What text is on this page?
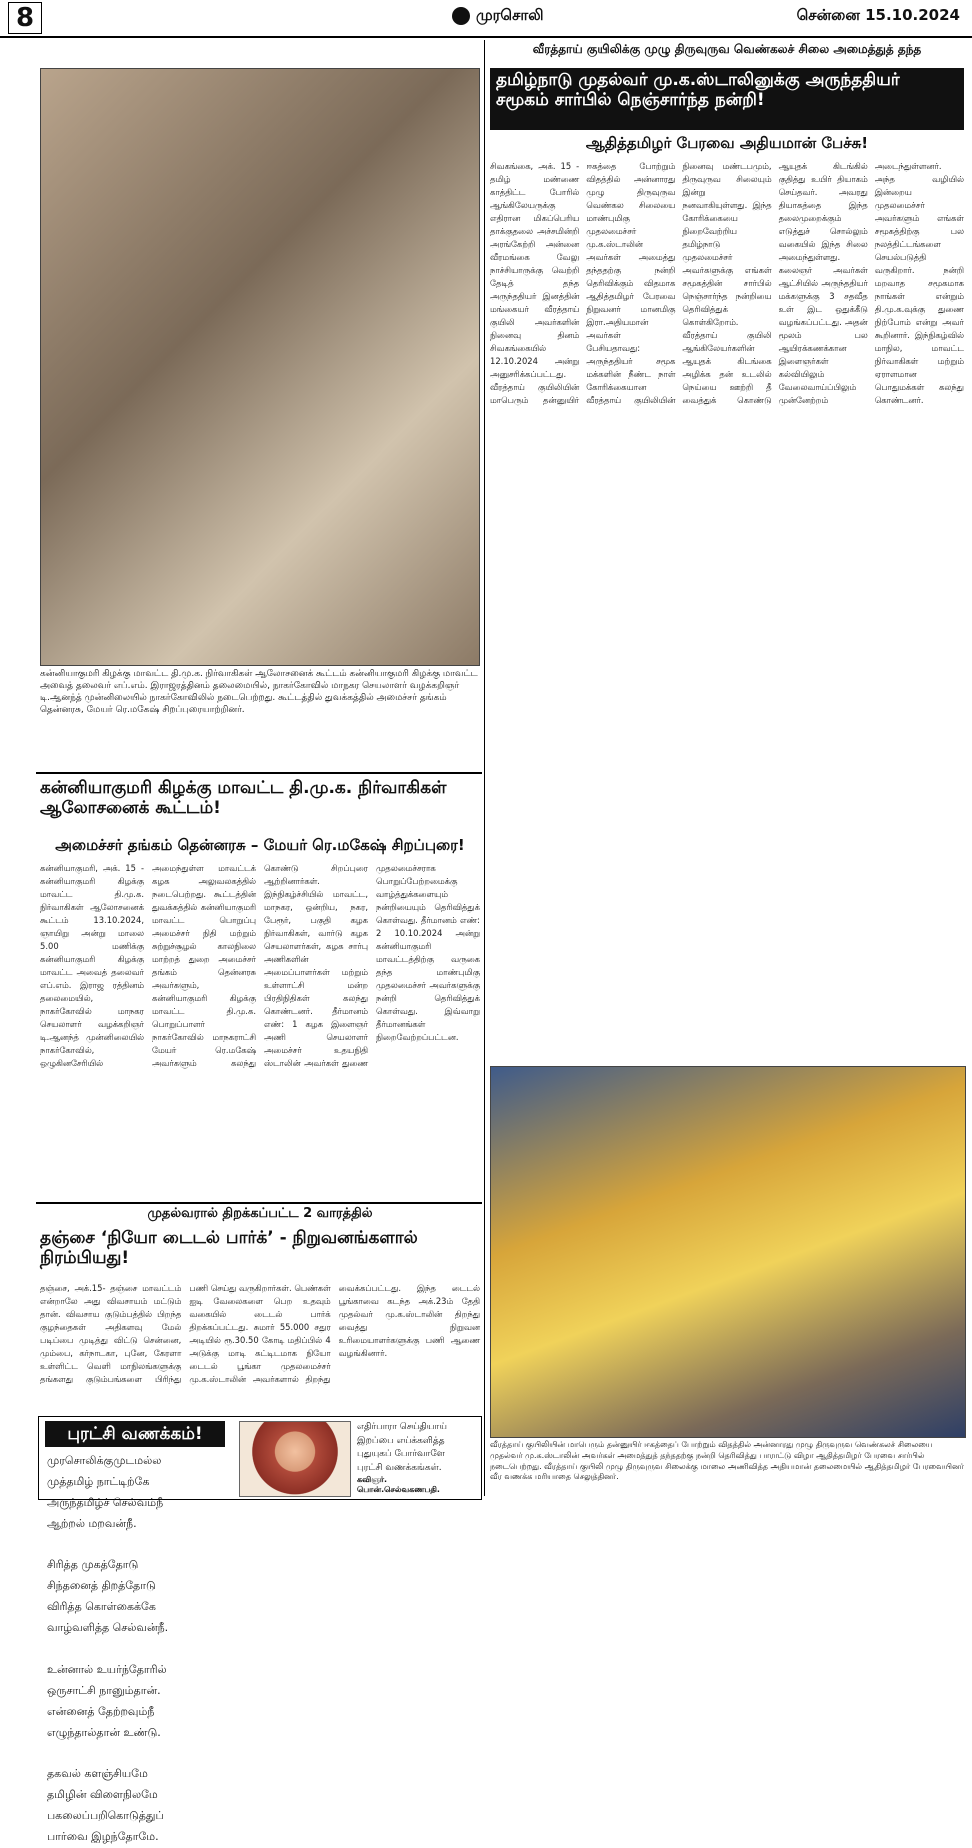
8	முரசொலி	சென்னை 15.10.2024
கன்னியாகுமரி கிழக்கு மாவட்ட தி.மு.க. நிர்வாகிகள் ஆலோசனைக் கூட்டம் கன்னியாகுமரி கிழக்கு மாவட்ட அவைத் தலைவர் எப்.எம். இராஜரத்தினம் தலைமையில், நாகர்கோவில் மாநகர செயலாளர் வழக்கறிஞர் டி.ஆனந்த் முன்னிலையில் நாகர்கோவிலில் நடைபெற்றது. கூட்டத்தில் துவக்கத்தில் அமைச்சர் தங்கம் தென்னரசு, மேயர் ரெ.மகேஷ் சிறப்புரையாற்றினர்.
கன்னியாகுமரி கிழக்கு மாவட்ட தி.மு.க. நிர்வாகிகள் ஆலோசனைக் கூட்டம்!
அமைச்சர் தங்கம் தென்னரசு – மேயர் ரெ.மகேஷ் சிறப்புரை!
கன்னியாகுமரி, அக். 15 - கன்னியாகுமரி கிழக்கு மாவட்ட தி.மு.க. நிர்வாகிகள் ஆலோசனைக் கூட்டம் 13.10.2024, ஞாயிறு அன்று மாலை 5.00 மணிக்கு கன்னியாகுமரி கிழக்கு மாவட்ட அவைத் தலைவர் எப்.எம். இராஜ ரத்தினம் தலைமையில், நாகர்கோவில் மாநகர செயலாளர் வழக்கறிஞர் டி.ஆனந்த் முன்னிலையில் நாகர்கோவில், ஒழுகினசேரியில் அமைந்துள்ள மாவட்டக் கழக அலுவலகத்தில் நடைபெற்றது. கூட்டத்தின் துவக்கத்தில் கன்னியாகுமரி மாவட்ட பொறுப்பு அமைச்சர் நிதி மற்றும் சுற்றுச்சூழல் காலநிலை மாற்றத் துறை அமைச்சர் தங்கம் தென்னரசு அவர்களும், கன்னியாகுமரி கிழக்கு மாவட்ட தி.மு.க. பொறுப்பாளர் நாகர்கோவில் மாநகராட்சி மேயர் ரெ.மகேஷ் அவர்களும் கலந்து கொண்டு சிறப்புரை ஆற்றினார்கள். இந்நிகழ்ச்சியில் மாவட்ட, மாநகர, ஒன்றிய, நகர, பேரூர், பகுதி கழக நிர்வாகிகள், வார்டு கழக செயலாளர்கள், கழக சார்பு அணிகளின் அமைப்பாளர்கள் மற்றும் உள்ளாட்சி மன்ற பிரதிநிதிகள் கலந்து கொண்டனர். தீர்மானம் எண்: 1 கழக இளைஞர் அணி செயலாளர் அமைச்சர் உதயநிதி ஸ்டாலின் அவர்கள் துணை முதலமைச்சராக பொறுப்பேற்றமைக்கு வாழ்த்துக்களையும் நன்றியையும் தெரிவித்துக் கொள்வது. தீர்மானம் எண்: 2 10.10.2024 அன்று கன்னியாகுமரி மாவட்டத்திற்கு வருகை தந்த மாண்புமிகு முதலமைச்சர் அவர்களுக்கு நன்றி தெரிவித்துக் கொள்வது. இவ்வாறு தீர்மானங்கள் நிறைவேற்றப்பட்டன.
முதல்வரால் திறக்கப்பட்ட 2 வாரத்தில்
தஞ்சை ‘நியோ டைடல் பார்க்’ - நிறுவனங்களால் நிரம்பியது!
தஞ்சை, அக்.15- தஞ்சை மாவட்டம் என்றாலே அது விவசாயம் மட்டும் தான். விவசாய குடும்பத்தில் பிறந்த குழந்தைகள் அதிகளவு மேல் படிப்பை முடித்து விட்டு சென்னை, மும்பை, கர்நாடகா, புனே, கேரளா உள்ளிட்ட வெளி மாநிலங்களுக்கு தங்களது குடும்பங்களை பிரிந்து பணி செய்து வருகிறார்கள். பெண்கள் ஐடி வேலைகளை பெற உதவும் வகையில் டைடல் பார்க் திறக்கப்பட்டது. சுமார் 55.000 சதுர அடியில் ரூ.30.50 கோடி மதிப்பில் 4 அடுக்கு மாடி கட்டிடமாக நியோ டைடல் பூங்கா முதலமைச்சர் மு.க.ஸ்டாலின் அவர்களால் திறந்து வைக்கப்பட்டது. இந்த டைடல் பூங்காவை கடந்த அக்.23ம் தேதி முதல்வர் மு.க.ஸ்டாலின் திறந்து வைத்து நிறுவன உரிமையாளர்களுக்கு பணி ஆணை வழங்கினார்.
புரட்சி வணக்கம்!
முரசொலிக்குமுடமல்ல
முத்தமிழ் நாட்டிற்கே
அருந்தமிழ்ச் செல்வம்நீ
ஆற்றல் மறவன்நீ.

சிரித்த முகத்தோடு
சிந்தனைத் திறத்தோடு
விரித்த கொள்கைக்கே
வாழ்வளித்த செல்வன்நீ.

உன்னால் உயர்ந்தோரில்
ஒருசாட்சி நானும்தான்.
என்னைத் தேற்றவும்நீ
எழுந்தால்தான் உண்டு.

தகவல் களஞ்சியமே
தமிழின் விளைநிலமே
பகலைப்பறிகொடுத்துப்
பார்வை இழந்தோமே.
எதிர்பாரா செய்தியாய்
இறப்பை எய்க்களித்த
புதுயுகப் போர்வாளே
புரட்சி வணக்கங்கள்.
கவிஞர்.
பொன்.செல்வகணபதி.
வீரத்தாய் குயிலிக்கு முழு திருவுருவ வெண்கலச் சிலை அமைத்துத் தந்த
தமிழ்நாடு முதல்வர் மு.க.ஸ்டாலினுக்கு அருந்ததியர் சமூகம் சார்பில் நெஞ்சார்ந்த நன்றி!
ஆதித்தமிழர் பேரவை அதியமான் பேச்சு!
சிவகங்கை, அக். 15 - தமிழ் மண்ணை காத்திட்ட போரில் ஆங்கிலேயருக்கு எதிரான மிகப்பெரிய தாக்குதலை அச்சமின்றி அரங்கேற்றி அன்னை வீரமங்கை வேலு நாச்சியாருக்கு வெற்றி தேடித் தந்த அருந்ததியர் இனத்தின் மங்கையர் வீரத்தாய் குயிலி அவர்களின் நினைவு தினம் சிவகங்கையில் 12.10.2024 அன்று அனுசரிக்கப்பட்டது. வீரத்தாய் குயிலியின் மாபெரும் தன்னுயிர் ஈகத்தை போற்றும் விதத்தில் அன்னாரது முழு திருவுருவ வெண்கல சிலையை மாண்புமிகு முதலமைச்சர் மு.க.ஸ்டாலின் அவர்கள் அமைத்து தந்ததற்கு நன்றி தெரிவிக்கும் விதமாக ஆதித்தமிழர் பேரவை நிறுவனர் மானமிகு இரா.அதியமான் அவர்கள் பேசியதாவது: அருந்ததியர் சமூக மக்களின் நீண்ட நாள் கோரிக்கையான வீரத்தாய் குயிலியின் நினைவு மண்டபமும், திருவுருவ சிலையும் இன்று நனவாகியுள்ளது. இந்த கோரிக்கையை நிறைவேற்றிய தமிழ்நாடு முதலமைச்சர் அவர்களுக்கு எங்கள் சமூகத்தின் சார்பில் நெஞ்சார்ந்த நன்றியை தெரிவித்துக் கொள்கிறோம். வீரத்தாய் குயிலி ஆங்கிலேயர்களின் ஆயுதக் கிடங்கை அழிக்க தன் உடலில் நெய்யை ஊற்றி தீ வைத்துக் கொண்டு ஆயுதக் கிடங்கில் குதித்து உயிர் தியாகம் செய்தவர். அவரது தியாகத்தை இந்த தலைமுறைக்கும் எடுத்துச் சொல்லும் வகையில் இந்த சிலை அமைந்துள்ளது. கலைஞர் அவர்கள் ஆட்சியில் அருந்ததியர் மக்களுக்கு 3 சதவீத உள் இட ஒதுக்கீடு வழங்கப்பட்டது. அதன் மூலம் பல ஆயிரக்கணக்கான இளைஞர்கள் கல்வியிலும் வேலைவாய்ப்பிலும் முன்னேற்றம் அடைந்துள்ளனர். அந்த வழியில் இன்றைய முதலமைச்சர் அவர்களும் எங்கள் சமூகத்திற்கு பல நலத்திட்டங்களை செயல்படுத்தி வருகிறார். நன்றி மறவாத சமூகமாக நாங்கள் என்றும் தி.மு.க.வுக்கு துணை நிற்போம் என்று அவர் கூறினார். இந்நிகழ்வில் மாநில, மாவட்ட நிர்வாகிகள் மற்றும் ஏராளமான பொதுமக்கள் கலந்து கொண்டனர்.
வீரத்தாய் குயிலியின் மாபெரும் தன்னுயிர் ஈகத்தைப் போற்றும் விதத்தில் அன்னாரது முழு திருவுருவ வெண்கலச் சிலையை முதல்வர் மு.க.ஸ்டாலின் அவர்கள் அமைத்துத் தந்ததற்கு நன்றி தெரிவித்து பாராட்டு விழா ஆதித்தமிழர் பேரவை சார்பில் நடைபெற்றது. வீரத்தாய் குயிலி முழு திருவுருவ சிலைக்கு மாலை அணிவித்த அதியமான் தலைமையில் ஆதித்தமிழர் பேரவையினர் வீர வணக்க மரியாதை செலுத்தினர்.
